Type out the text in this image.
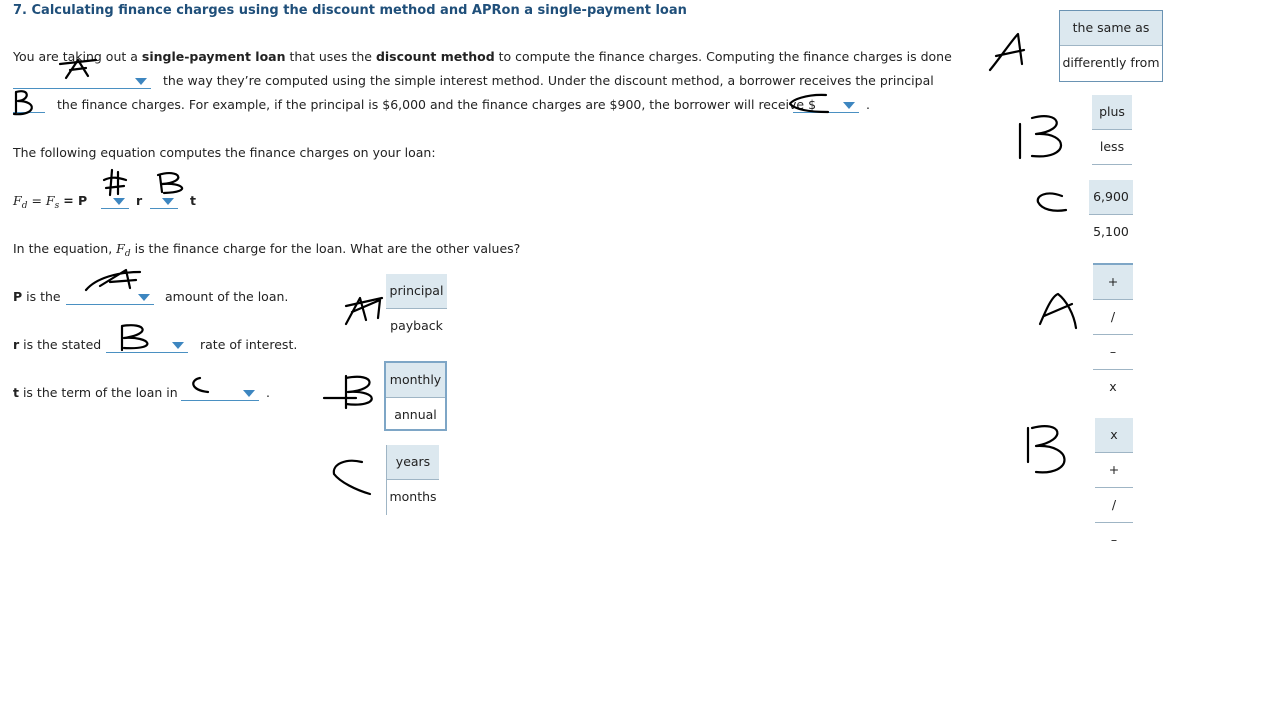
7. Calculating finance charges using the discount method and APRon a single-payment loan
You are taking out a single-payment loan that uses the discount method to compute the finance charges. Computing the finance charges is done
the way they’re computed using the simple interest method. Under the discount method, a borrower receives the principal
the finance charges. For example, if the principal is $6,000 and the finance charges are $900, the borrower will receive $	.
The following equation computes the finance charges on your loan:
$F_d = F_s = P$	r	t
In the equation, $F_d$ is the finance charge for the loan. What are the other values?
P is the	amount of the loan.
r is the stated	rate of interest.
t is the term of the loan in	.
principal
payback
monthly
annual
years
months
the same as
differently from
plus
less
6,900
5,100
+
/
–
x
x
+
/
–
